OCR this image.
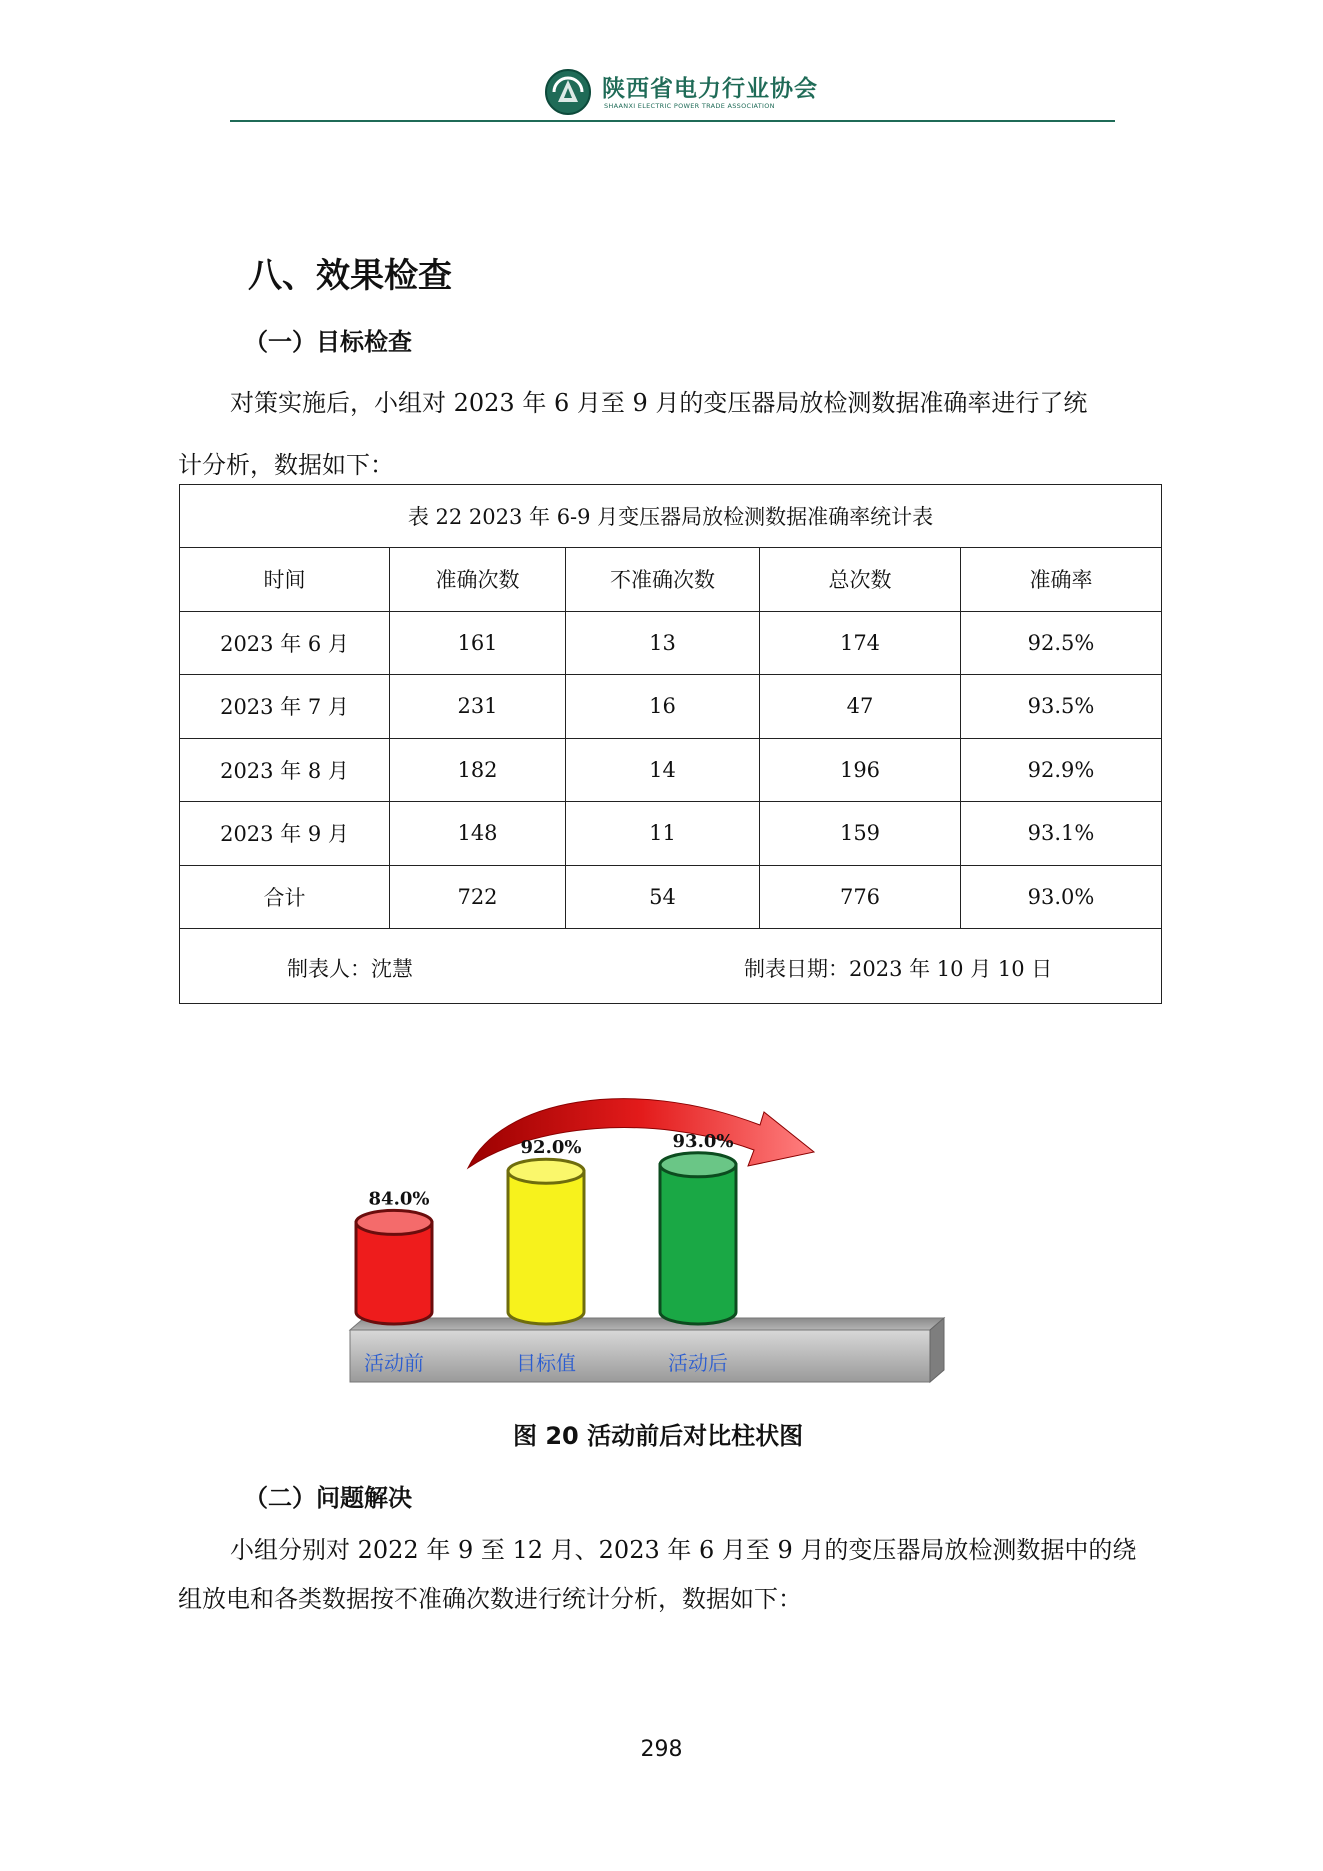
陕西省电力行业协会
SHAANXI ELECTRIC POWER TRADE ASSOCIATION
八、效果检查
（一）目标检查
对策实施后，小组对 2023 年 6 月至 9 月的变压器局放检测数据准确率进行了统
计分析，数据如下：
表 22 2023 年 6-9 月变压器局放检测数据准确率统计表				
时间	准确次数	不准确次数	总次数	准确率
2023 年 6 月	161	13	174	92.5%
2023 年 7 月	231	16	47	93.5%
2023 年 8 月	182	14	196	92.9%
2023 年 9 月	148	11	159	93.1%
合计	722	54	776	93.0%

制表人：沈慧 制表日期：2023 年 10 月 10 日				
84.0%
92.0%	93.0%
活动前	目标值	活动后
图 20 活动前后对比柱状图
（二）问题解决
小组分别对 2022 年 9 至 12 月、2023 年 6 月至 9 月的变压器局放检测数据中的绕
组放电和各类数据按不准确次数进行统计分析，数据如下：
298
